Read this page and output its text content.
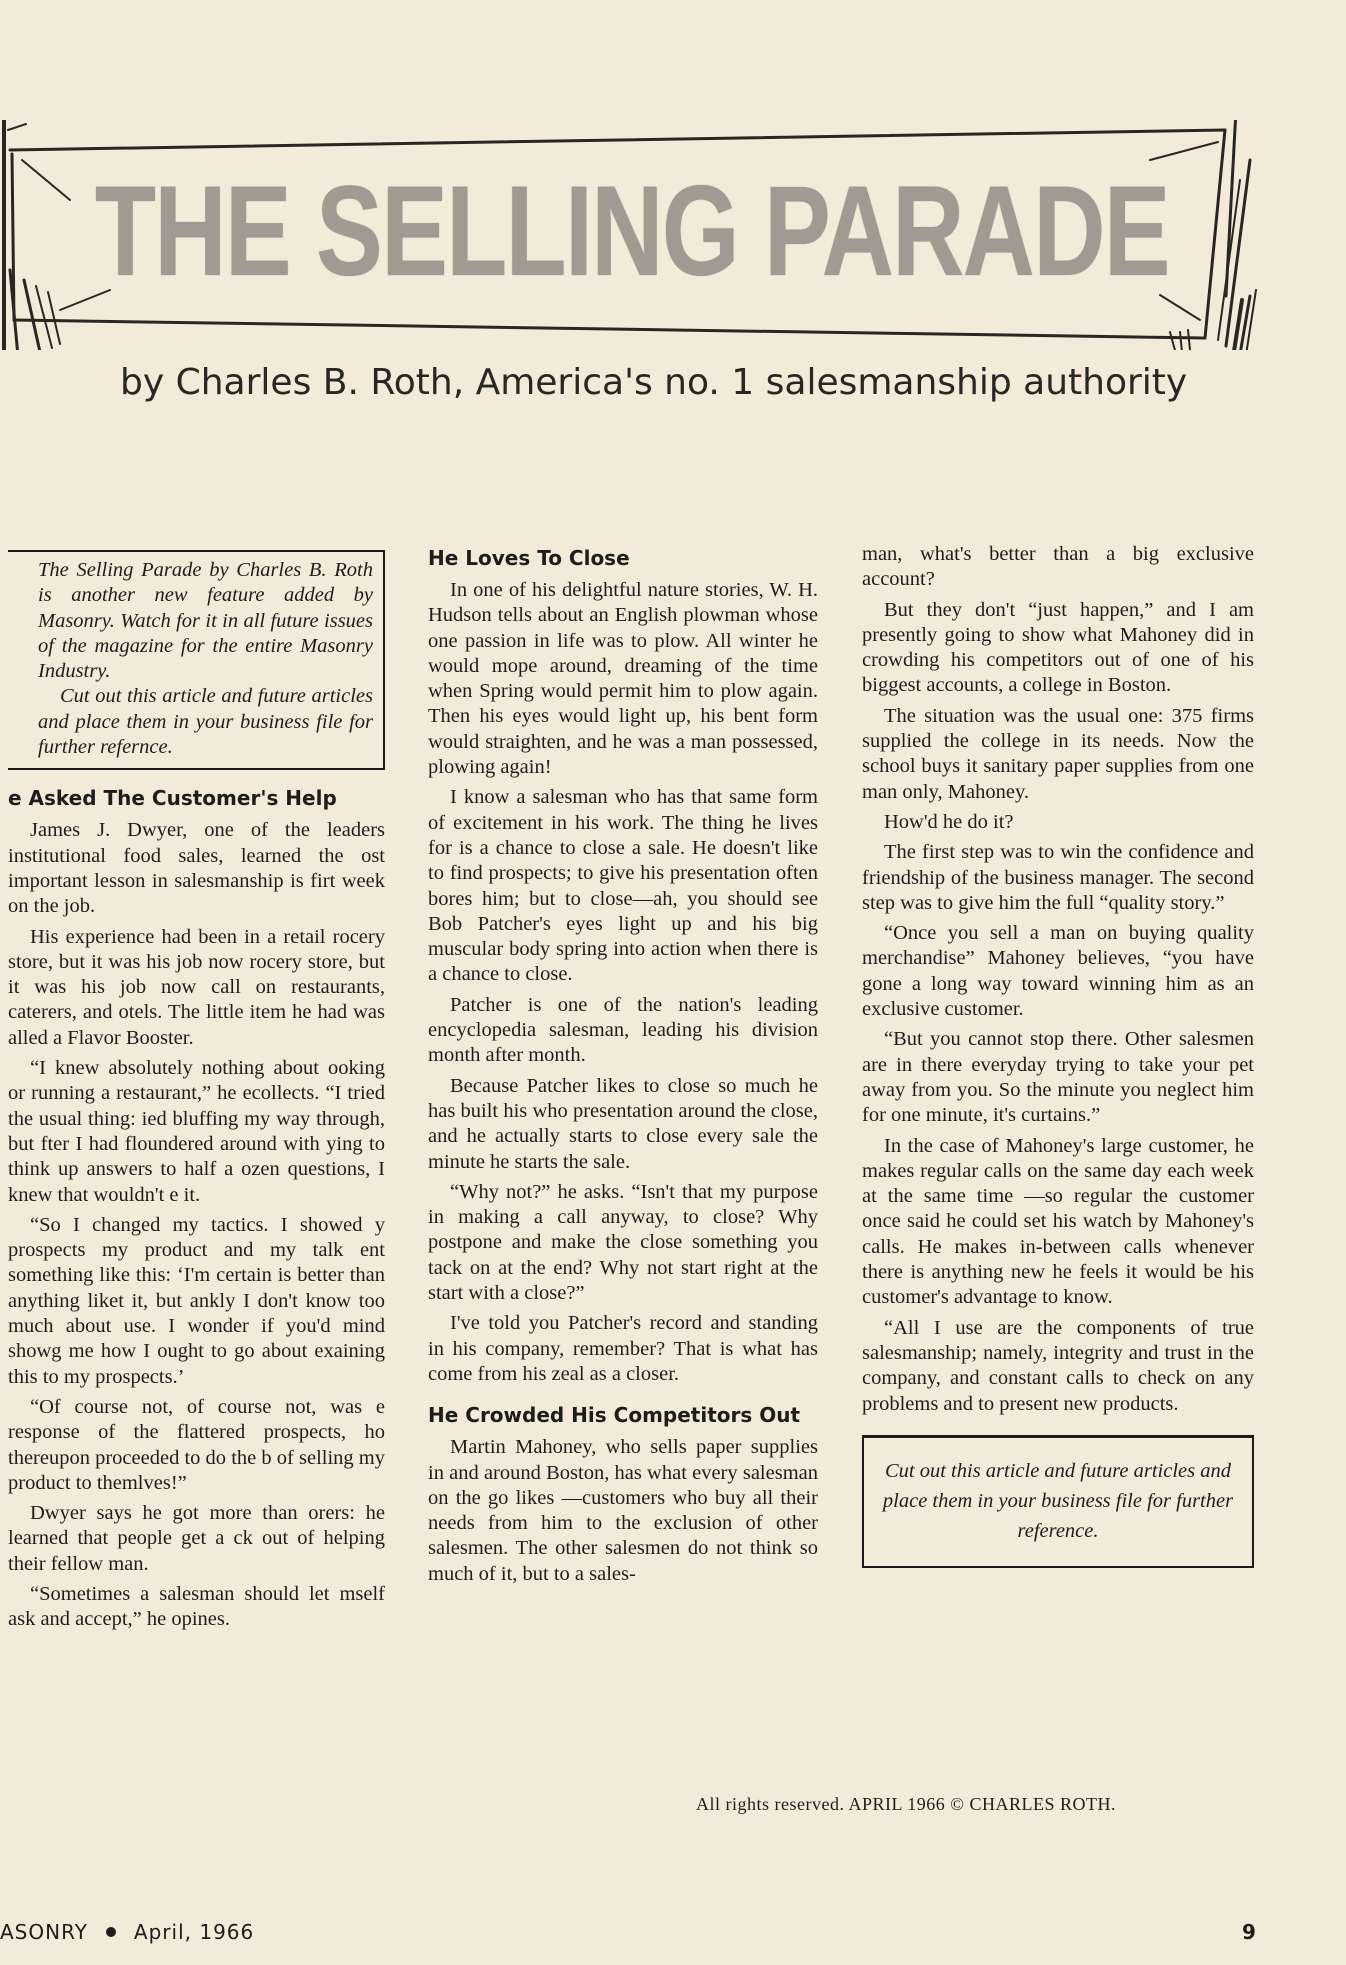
THE SELLING PARADE
by Charles B. Roth, America's no. 1 salesmanship authority

The Selling Parade by Charles B. Roth is another new feature added by Masonry. Watch for it in all future issues of the magazine for the entire Masonry Industry.

Cut out this article and future articles and place them in your business file for further refernce.

e Asked The Customer's Help

James J. Dwyer, one of the leaders institutional food sales, learned the ost important lesson in salesmanship is firt week on the job.

His experience had been in a retail rocery store, but it was his job now rocery store, but it was his job now call on restaurants, caterers, and otels. The little item he had was alled a Flavor Booster.

“I knew absolutely nothing about ooking or running a restaurant,” he ecollects. “I tried the usual thing: ied bluffing my way through, but fter I had floundered around with ying to think up answers to half a ozen questions, I knew that wouldn't e it.

“So I changed my tactics. I showed y prospects my product and my talk ent something like this: ‘I'm certain is better than anything liket it, but ankly I don't know too much about use. I wonder if you'd mind showg me how I ought to go about exaining this to my prospects.’

“Of course not, of course not, was e response of the flattered prospects, ho thereupon proceeded to do the b of selling my product to themlves!”

Dwyer says he got more than orers: he learned that people get a ck out of helping their fellow man.

“Sometimes a salesman should let mself ask and accept,” he opines.

He Loves To Close

In one of his delightful nature stories, W. H. Hudson tells about an English plowman whose one passion in life was to plow. All winter he would mope around, dreaming of the time when Spring would permit him to plow again. Then his eyes would light up, his bent form would straighten, and he was a man possessed, plowing again!

I know a salesman who has that same form of excitement in his work. The thing he lives for is a chance to close a sale. He doesn't like to find prospects; to give his presentation often bores him; but to close—ah, you should see Bob Patcher's eyes light up and his big muscular body spring into action when there is a chance to close.

Patcher is one of the nation's leading encyclopedia salesman, leading his division month after month.

Because Patcher likes to close so much he has built his who presentation around the close, and he actually starts to close every sale the minute he starts the sale.

“Why not?” he asks. “Isn't that my purpose in making a call anyway, to close? Why postpone and make the close something you tack on at the end? Why not start right at the start with a close?”

I've told you Patcher's record and standing in his company, remember? That is what has come from his zeal as a closer.

He Crowded His Competitors Out

Martin Mahoney, who sells paper supplies in and around Boston, has what every salesman on the go likes —customers who buy all their needs from him to the exclusion of other salesmen. The other salesmen do not think so much of it, but to a sales-

man, what's better than a big exclusive account?

But they don't “just happen,” and I am presently going to show what Mahoney did in crowding his competitors out of one of his biggest accounts, a college in Boston.

The situation was the usual one: 375 firms supplied the college in its needs. Now the school buys it sanitary paper supplies from one man only, Mahoney.

How'd he do it?

The first step was to win the confidence and friendship of the business manager. The second step was to give him the full “quality story.”

“Once you sell a man on buying quality merchandise” Mahoney believes, “you have gone a long way toward winning him as an exclusive customer.

“But you cannot stop there. Other salesmen are in there everyday trying to take your pet away from you. So the minute you neglect him for one minute, it's curtains.”

In the case of Mahoney's large customer, he makes regular calls on the same day each week at the same time —so regular the customer once said he could set his watch by Mahoney's calls. He makes in-between calls whenever there is anything new he feels it would be his customer's advantage to know.

“All I use are the components of true salesmanship; namely, integrity and trust in the company, and constant calls to check on any problems and to present new products.

Cut out this article and future articles and place them in your business file for further reference.
All rights reserved. APRIL 1966 © CHARLES ROTH.
ASONRY April, 1966	9
